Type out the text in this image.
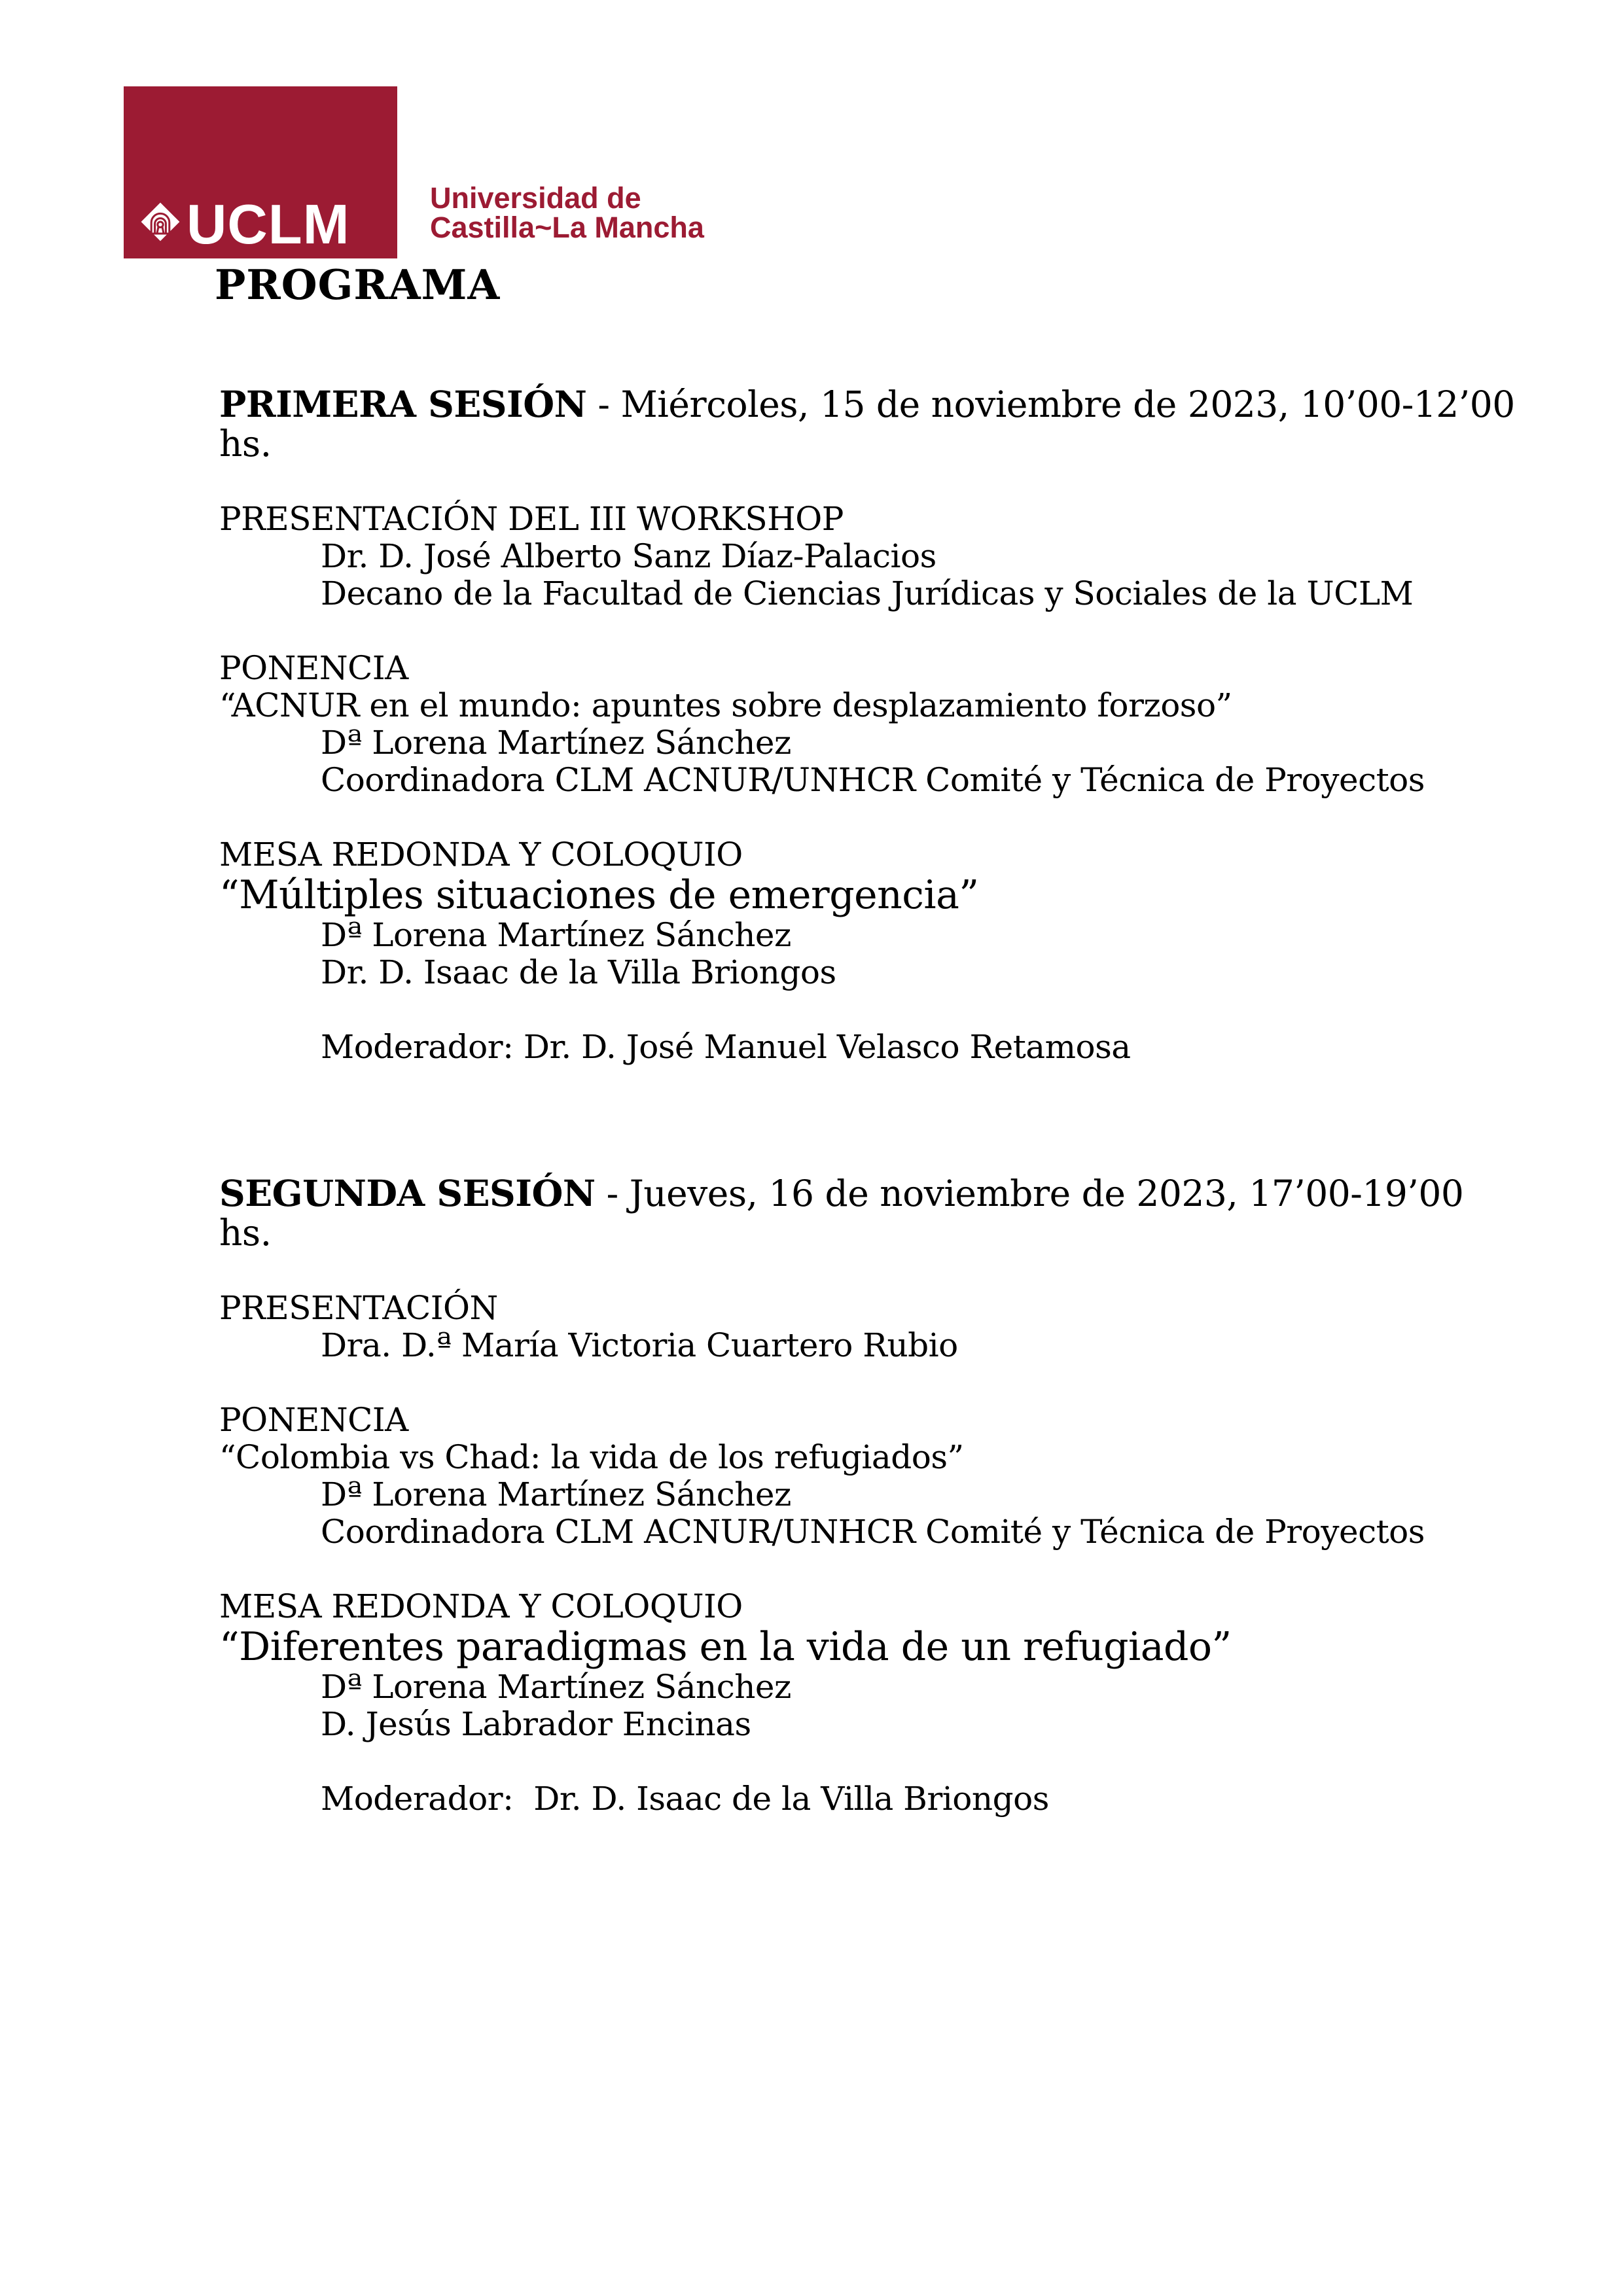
UCLM	Universidad de
Castilla~La Mancha
PROGRAMA
PRIMERA SESIÓN - Miércoles, 15 de noviembre de 2023, 10’00-12’00 hs.
PRESENTACIÓN DEL III WORKSHOP
Dr. D. José Alberto Sanz Díaz-Palacios
Decano de la Facultad de Ciencias Jurídicas y Sociales de la UCLM
PONENCIA
“ACNUR en el mundo: apuntes sobre desplazamiento forzoso”
Dª Lorena Martínez Sánchez
Coordinadora CLM ACNUR/UNHCR Comité y Técnica de Proyectos
MESA REDONDA Y COLOQUIO
“Múltiples situaciones de emergencia”
Dª Lorena Martínez Sánchez
Dr. D. Isaac de la Villa Briongos
Moderador: Dr. D. José Manuel Velasco Retamosa
SEGUNDA SESIÓN - Jueves, 16 de noviembre de 2023, 17’00-19’00 hs.
PRESENTACIÓN
Dra. D.ª María Victoria Cuartero Rubio
PONENCIA
“Colombia vs Chad: la vida de los refugiados”
Dª Lorena Martínez Sánchez
Coordinadora CLM ACNUR/UNHCR Comité y Técnica de Proyectos
MESA REDONDA Y COLOQUIO
“Diferentes paradigmas en la vida de un refugiado”
Dª Lorena Martínez Sánchez
D. Jesús Labrador Encinas
Moderador:  Dr. D. Isaac de la Villa Briongos
